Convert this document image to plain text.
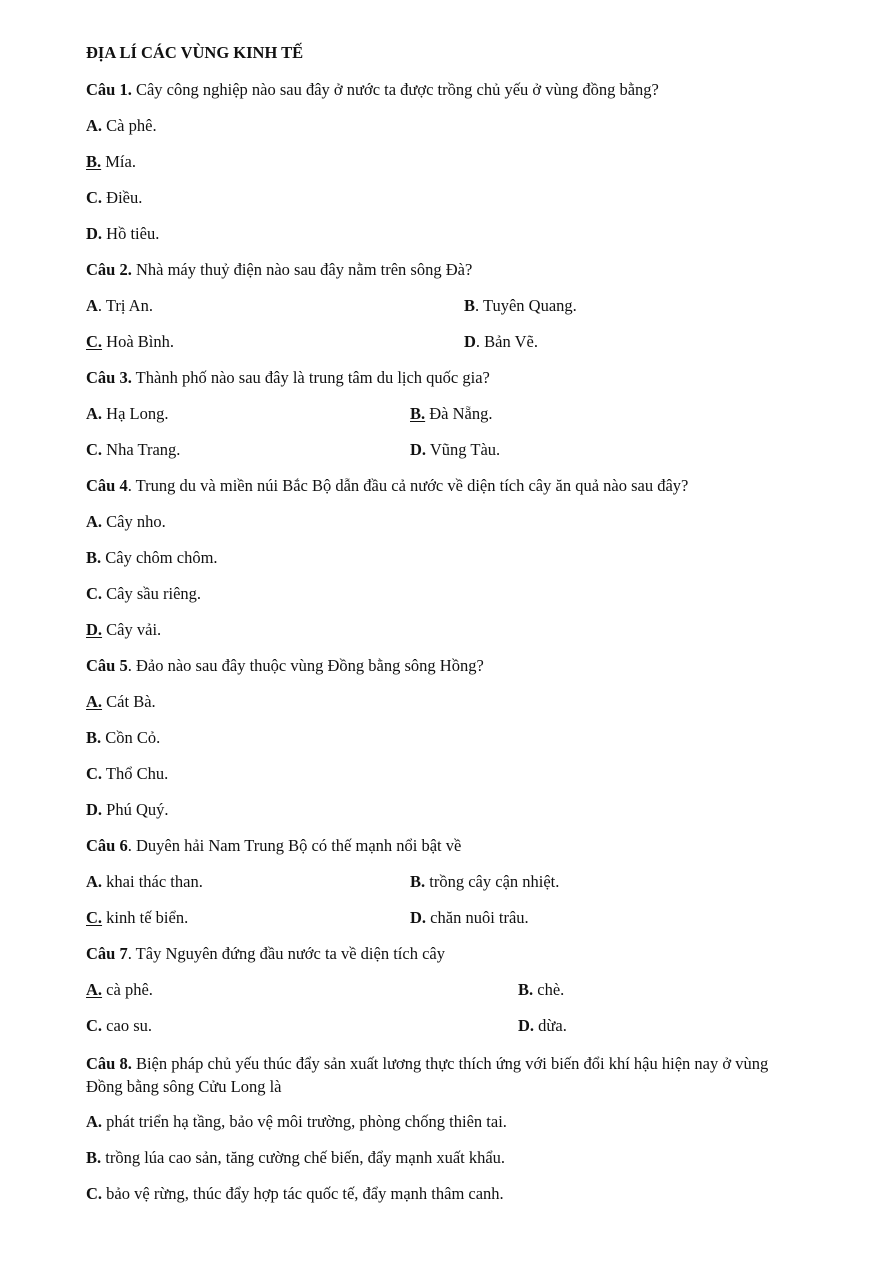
ĐỊA LÍ CÁC VÙNG KINH TẾ
Câu 1. Cây công nghiệp nào sau đây ở nước ta được trồng chủ yếu ở vùng đồng bằng?
A. Cà phê.
B. Mía.
C. Điều.
D. Hồ tiêu.
Câu 2. Nhà máy thuỷ điện nào sau đây nằm trên sông Đà?
A. Trị An.	B. Tuyên Quang.
C. Hoà Bình.	D. Bản Vẽ.
Câu 3. Thành phố nào sau đây là trung tâm du lịch quốc gia?
A. Hạ Long.	B. Đà Nẵng.
C. Nha Trang.	D. Vũng Tàu.
Câu 4. Trung du và miền núi Bắc Bộ dẫn đầu cả nước về diện tích cây ăn quả nào sau đây?
A. Cây nho.
B. Cây chôm chôm.
C. Cây sầu riêng.
D. Cây vải.
Câu 5. Đảo nào sau đây thuộc vùng Đồng bằng sông Hồng?
A. Cát Bà.
B. Cồn Cỏ.
C. Thổ Chu.
D. Phú Quý.
Câu 6. Duyên hải Nam Trung Bộ có thế mạnh nổi bật về
A. khai thác than.	B. trồng cây cận nhiệt.
C. kinh tế biển.	D. chăn nuôi trâu.
Câu 7. Tây Nguyên đứng đầu nước ta về diện tích cây
A. cà phê.	B. chè.
C. cao su.	D. dừa.
Câu 8. Biện pháp chủ yếu thúc đẩy sản xuất lương thực thích ứng với biến đổi khí hậu hiện nay ở vùng Đồng bằng sông Cửu Long là
A. phát triển hạ tầng, bảo vệ môi trường, phòng chống thiên tai.
B. trồng lúa cao sản, tăng cường chế biến, đẩy mạnh xuất khẩu.
C. bảo vệ rừng, thúc đẩy hợp tác quốc tế, đẩy mạnh thâm canh.
